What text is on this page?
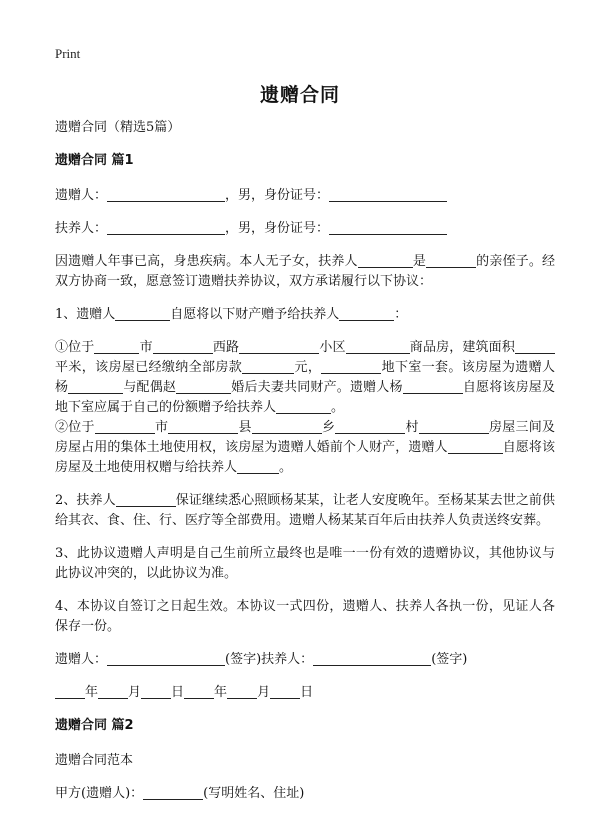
Print
遗赠合同

遗赠合同（精选5篇）

遗赠合同 篇1

遗赠人：	，男，身份证号：

扶养人：	，男，身份证号：

因遗赠人年事已高，身患疾病。本人无子女，扶养人	是	的亲侄子。经双方协商一致，愿意签订遗赠扶养协议，双方承诺履行以下协议：

1、遗赠人	自愿将以下财产赠予给扶养人	：

①位于	市	西路	小区	商品房，建筑面积平米，该房屋已经缴纳全部房款	元，	地下室一套。该房屋为遗赠人杨	与配偶赵	婚后夫妻共同财产。遗赠人杨	自愿将该房屋及地下室应属于自己的份额赠予给扶养人	。

②位于	市	县	乡	村	房屋三间及房屋占用的集体土地使用权，该房屋为遗赠人婚前个人财产，遗赠人	自愿将该房屋及土地使用权赠与给扶养人	。

2、扶养人	保证继续悉心照顾杨某某，让老人安度晚年。至杨某某去世之前供给其衣、食、住、行、医疗等全部费用。遗赠人杨某某百年后由扶养人负责送终安葬。

3、此协议遗赠人声明是自己生前所立最终也是唯一一份有效的遗赠协议，其他协议与此协议冲突的，以此协议为准。

4、本协议自签订之日起生效。本协议一式四份，遗赠人、扶养人各执一份，见证人各保存一份。

遗赠人：	(签字)扶养人：	(签字)

年 月 日 年 月 日

遗赠合同 篇2

遗赠合同范本

甲方(遗赠人)：	(写明姓名、住址)
